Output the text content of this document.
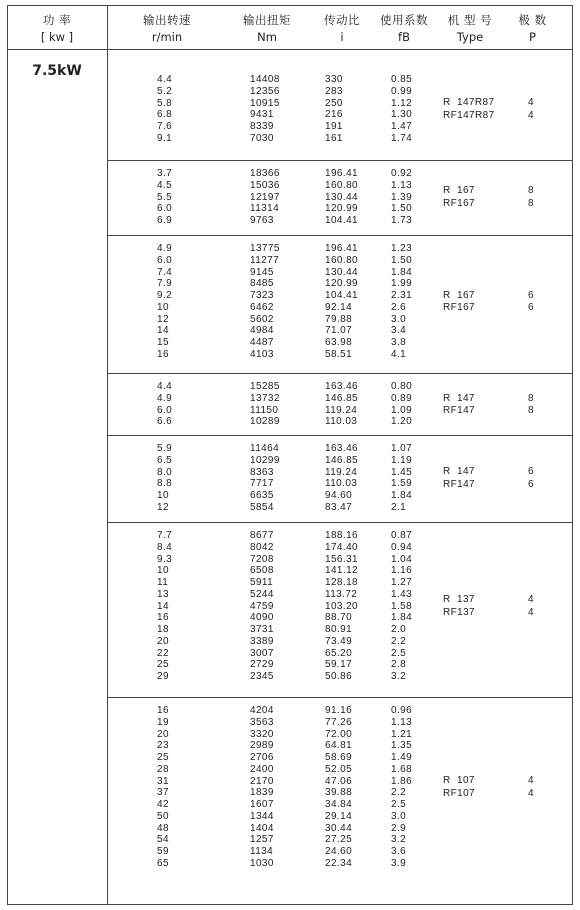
功 率
[ kw ]
输出转速
r/min
输出扭矩
Nm
传动比
i
使用系数
fB
机 型 号
Type
极 数
P
7.5kW
4.4
5.2
5.8
6.8
7.6
9.1
14408
12356
10915
9431
8339
7030
330
283
250
216
191
161
0.85
0.99
1.12
1.30
1.47
1.74
R  147R87
RF147R87
4
4
3.7
4.5
5.5
6.0
6.9
18366
15036
12197
11314
9763
196.41
160.80
130.44
120.99
104.41
0.92
1.13
1.39
1.50
1.73
R  167
RF167
8
8
4.9
6.0
7.4
7.9
9.2
10
12
14
15
16
13775
11277
9145
8485
7323
6462
5602
4984
4487
4103
196.41
160.80
130.44
120.99
104.41
92.14
79.88
71.07
63.98
58.51
1.23
1.50
1.84
1.99
2.31
2.6
3.0
3.4
3.8
4.1
R  167
RF167
6
6
4.4
4.9
6.0
6.6
15285
13732
11150
10289
163.46
146.85
119.24
110.03
0.80
0.89
1.09
1.20
R  147
RF147
8
8
5.9
6.5
8.0
8.8
10
12
11464
10299
8363
7717
6635
5854
163.46
146.85
119.24
110.03
94.60
83.47
1.07
1.19
1.45
1.59
1.84
2.1
R  147
RF147
6
6
7.7
8.4
9.3
10
11
13
14
16
18
20
22
25
29
8677
8042
7208
6508
5911
5244
4759
4090
3731
3389
3007
2729
2345
188.16
174.40
156.31
141.12
128.18
113.72
103.20
88.70
80.91
73.49
65.20
59.17
50.86
0.87
0.94
1.04
1.16
1.27
1.43
1.58
1.84
2.0
2.2
2.5
2.8
3.2
R  137
RF137
4
4
16
19
20
23
25
28
31
37
42
50
48
54
59
65
4204
3563
3320
2989
2706
2400
2170
1839
1607
1344
1404
1257
1134
1030
91.16
77.26
72.00
64.81
58.69
52.05
47.06
39.88
34.84
29.14
30.44
27.25
24.60
22.34
0.96
1.13
1.21
1.35
1.49
1.68
1.86
2.2
2.5
3.0
2.9
3.2
3.6
3.9
R  107
RF107
4
4
